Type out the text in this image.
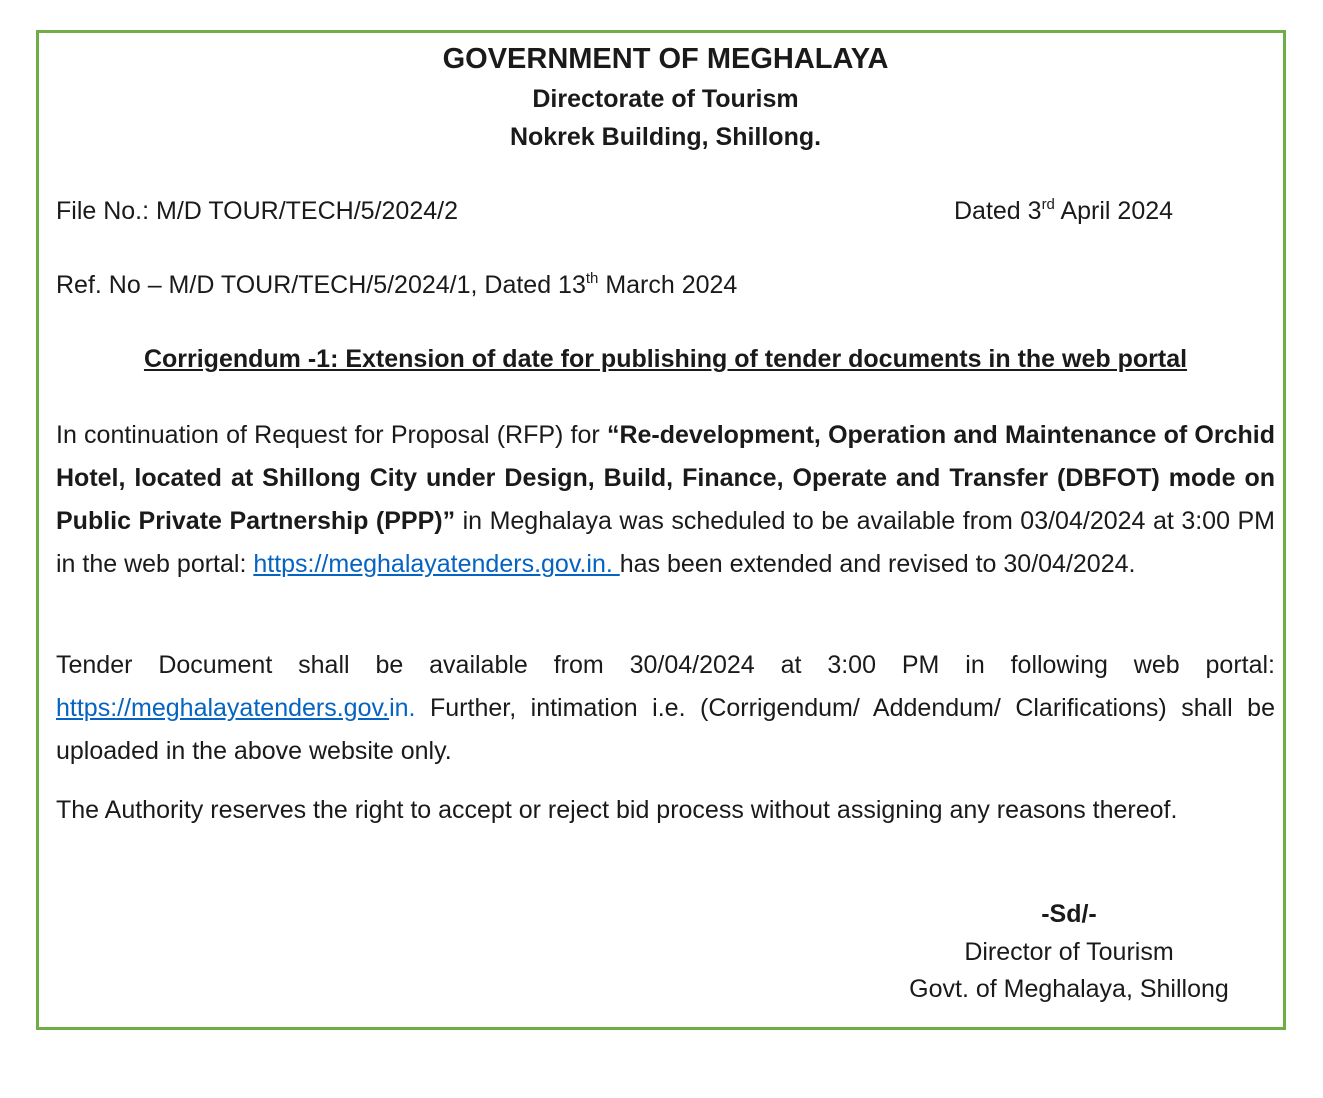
GOVERNMENT OF MEGHALAYA
Directorate of Tourism
Nokrek Building, Shillong.
File No.: M/D TOUR/TECH/5/2024/2	Dated 3rd April 2024
Ref. No – M/D TOUR/TECH/5/2024/1, Dated 13th March 2024
Corrigendum -1: Extension of date for publishing of tender documents in the web portal
In continuation of Request for Proposal (RFP) for “Re-development, Operation and Maintenance of Orchid Hotel, located at Shillong City under Design, Build, Finance, Operate and Transfer (DBFOT) mode on Public Private Partnership (PPP)” in Meghalaya was scheduled to be available from 03/04/2024 at 3:00 PM in the web portal: https://meghalayatenders.gov.in. has been extended and revised to 30/04/2024.
Tender Document shall be available from 30/04/2024 at 3:00 PM in following web portal: https://meghalayatenders.gov.in. Further, intimation i.e. (Corrigendum/ Addendum/ Clarifications) shall be uploaded in the above website only.
The Authority reserves the right to accept or reject bid process without assigning any reasons thereof.
-Sd/-
Director of Tourism
Govt. of Meghalaya, Shillong
